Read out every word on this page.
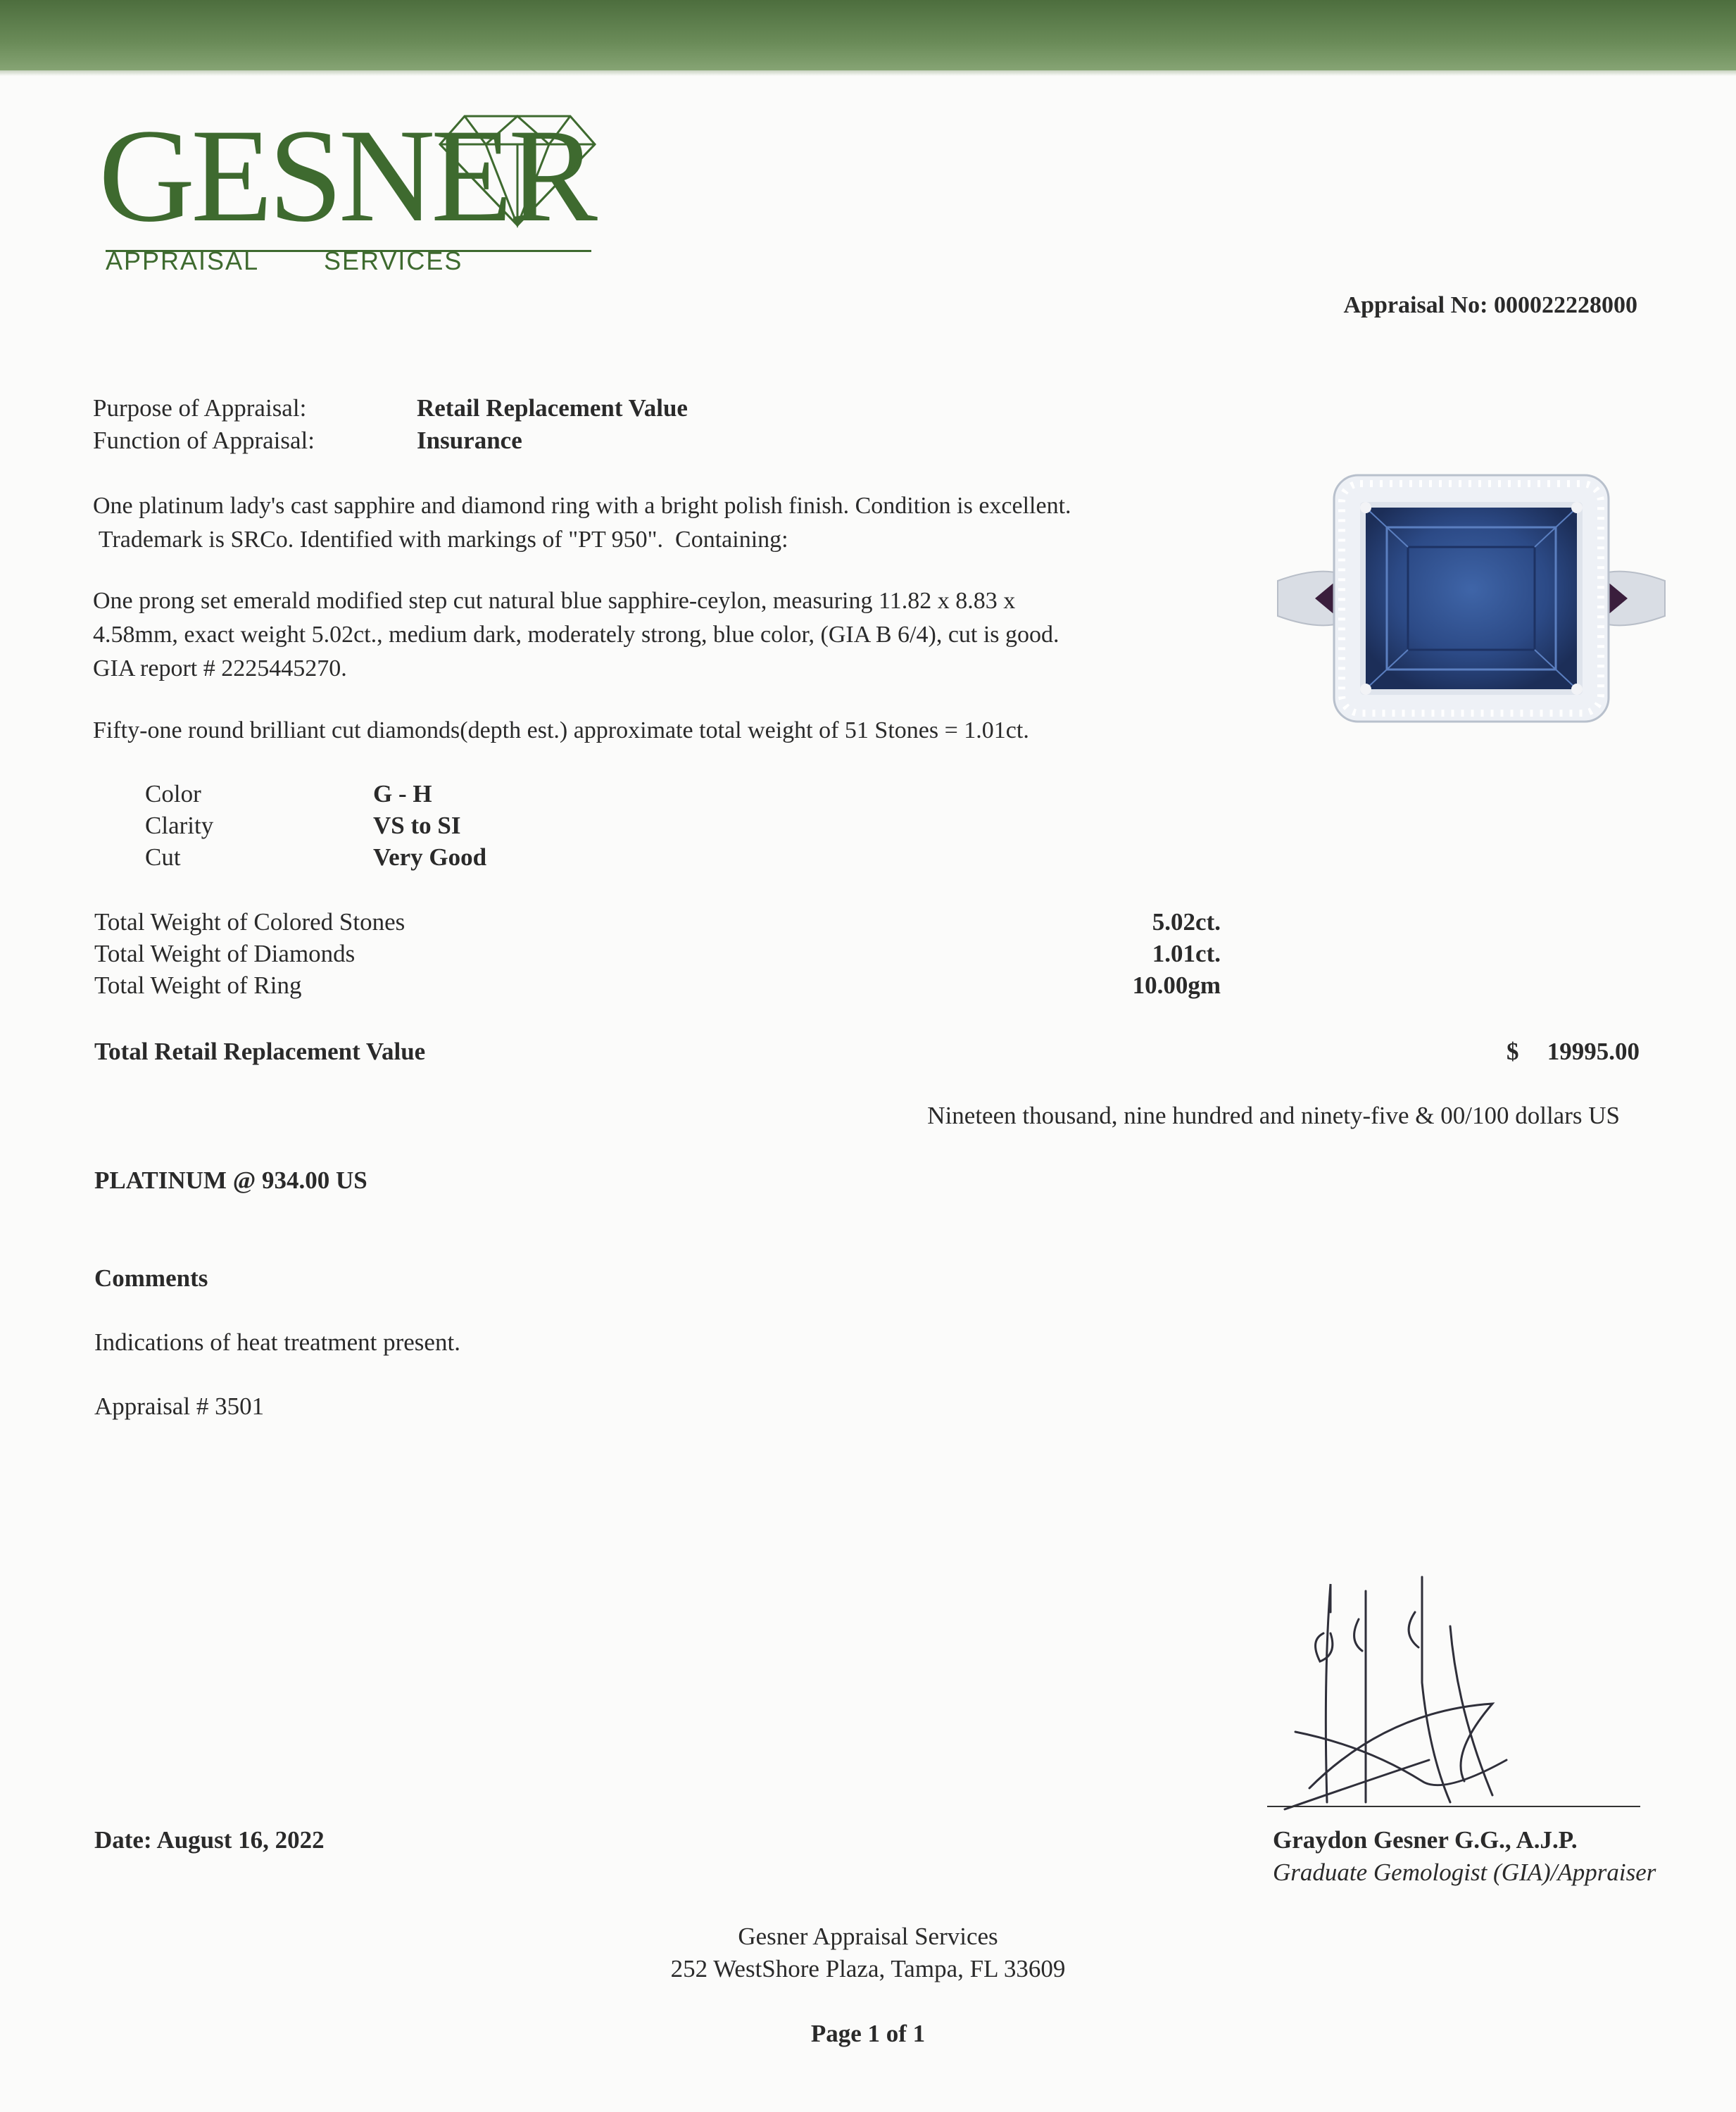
GESNER
APPRAISAL	SERVICES
Appraisal No: 000022228000
Purpose of Appraisal:	Retail Replacement Value
Function of Appraisal:	Insurance
One platinum lady's cast sapphire and diamond ring with a bright polish finish. Condition is excellent.
Trademark is SRCo. Identified with markings of "PT 950".  Containing:
One prong set emerald modified step cut natural blue sapphire-ceylon, measuring 11.82 x 8.83 x
4.58mm, exact weight 5.02ct., medium dark, moderately strong, blue color, (GIA B 6/4), cut is good.
GIA report # 2225445270.
Fifty-one round brilliant cut diamonds(depth est.) approximate total weight of 51 Stones = 1.01ct.
Color	G - H
Clarity	VS to SI
Cut	Very Good
Total Weight of Colored Stones	5.02ct.
Total Weight of Diamonds	1.01ct.
Total Weight of Ring	10.00gm
Total Retail Replacement Value	$ 19995.00
Nineteen thousand, nine hundred and ninety-five & 00/100 dollars US
PLATINUM @ 934.00 US
Comments
Indications of heat treatment present.
Appraisal # 3501
Date: August 16, 2022	Graydon Gesner G.G., A.J.P.
Graduate Gemologist (GIA)/Appraiser
Gesner Appraisal Services
252 WestShore Plaza, Tampa, FL 33609
Page 1 of 1
